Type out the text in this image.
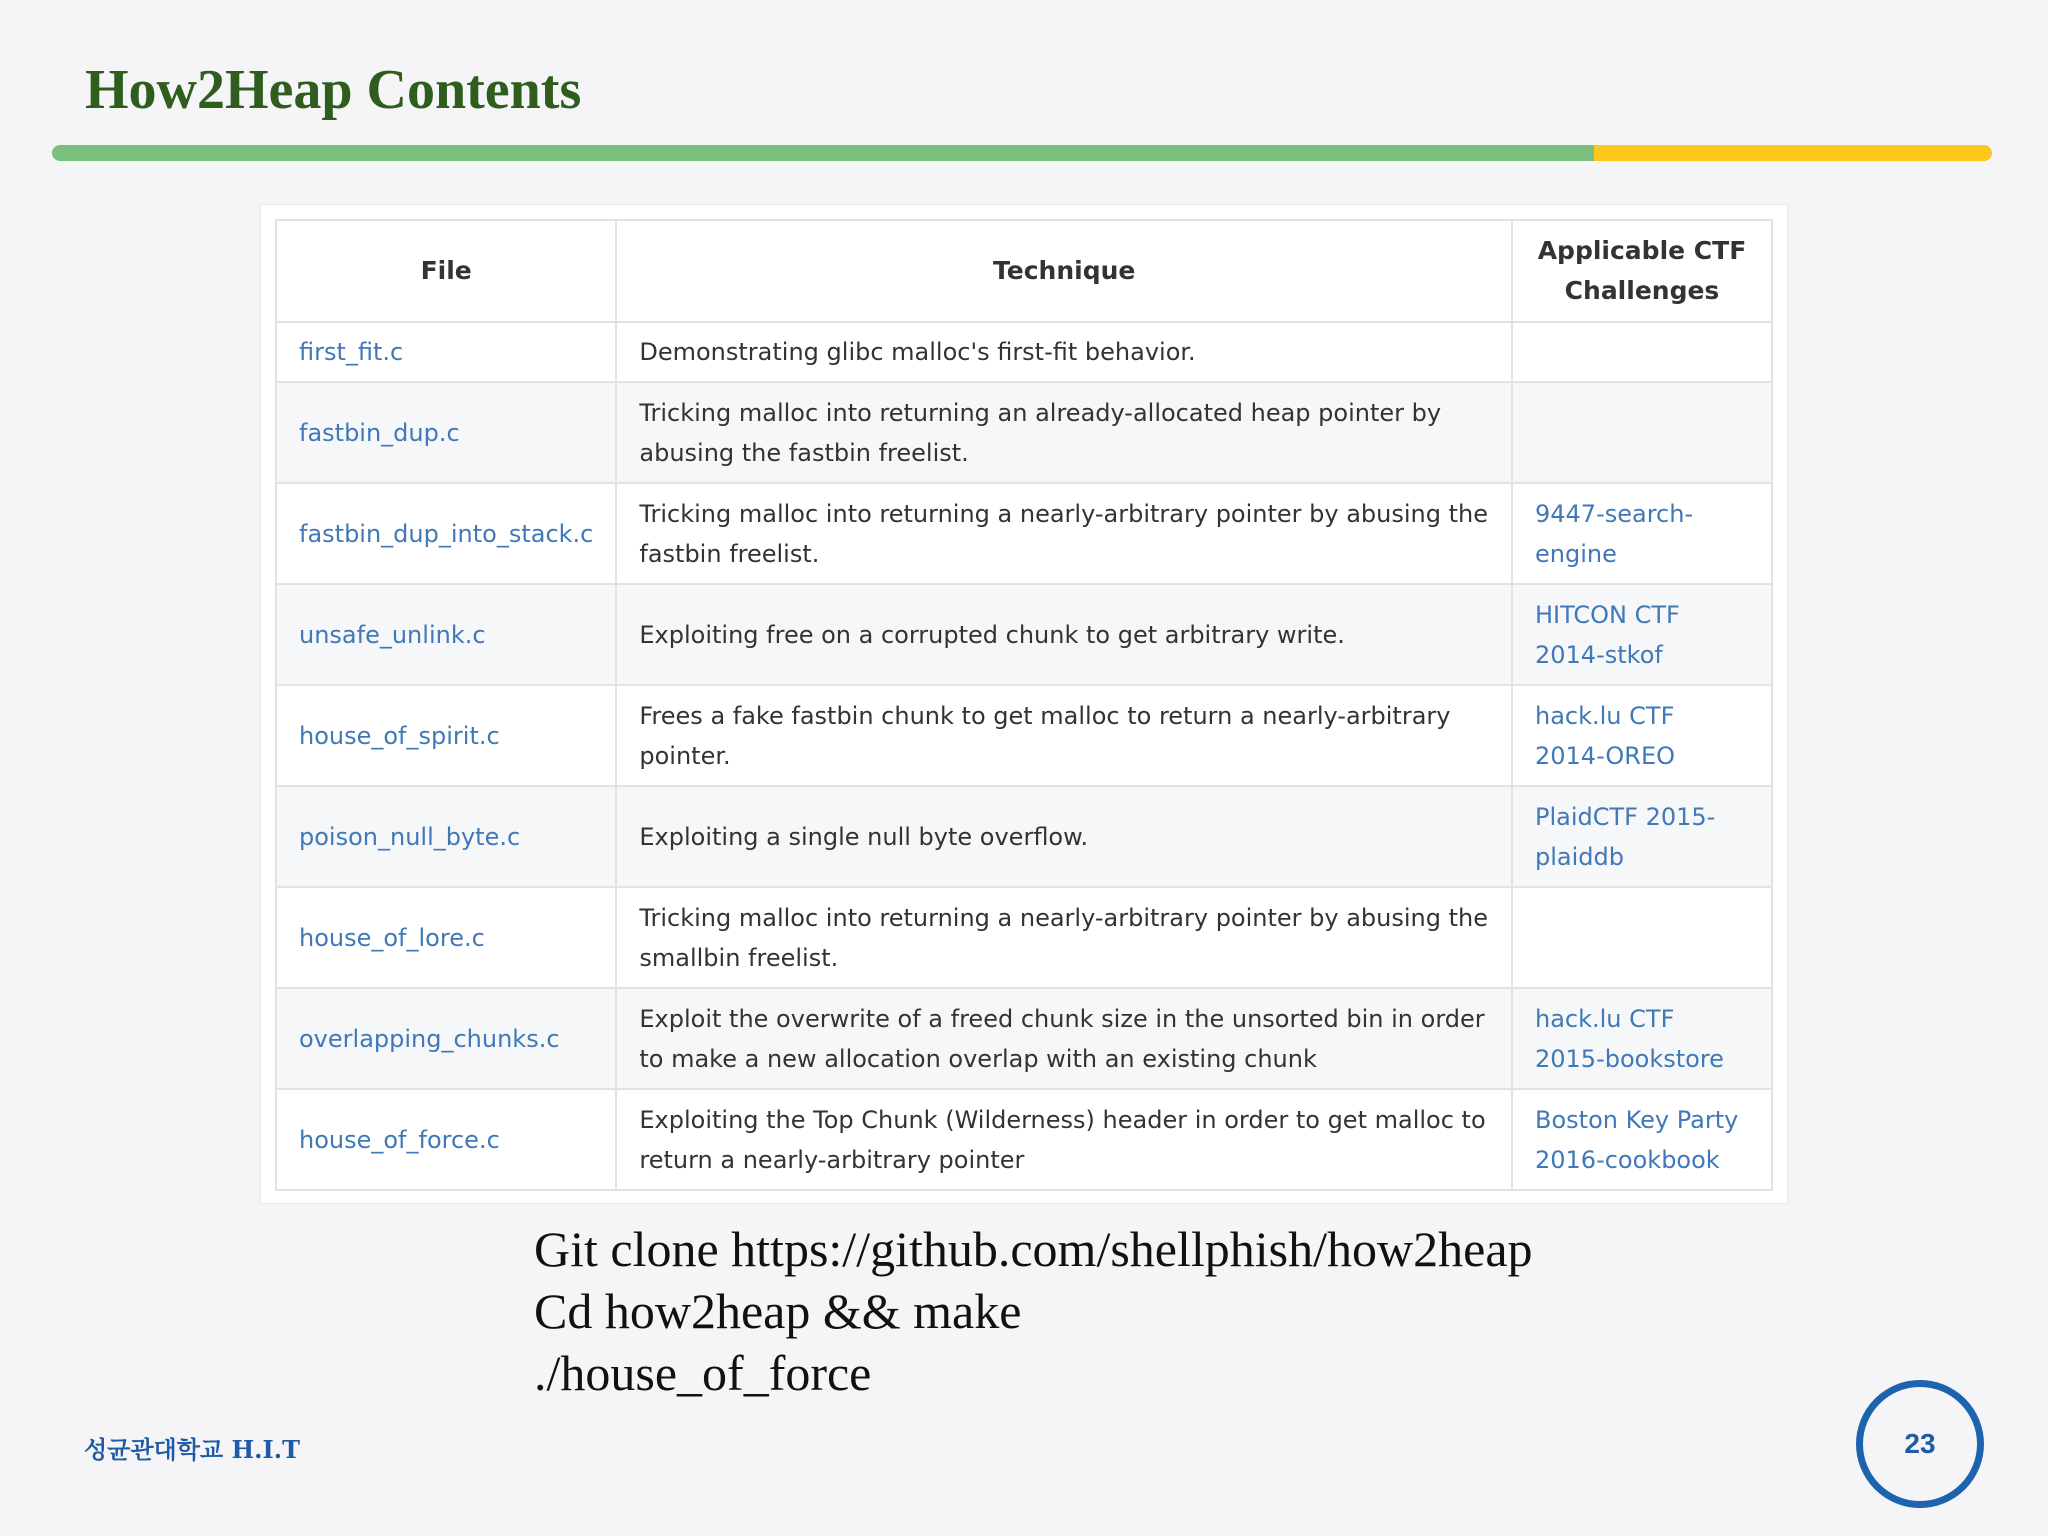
How2Heap Contents
File	Technique	Applicable CTF Challenges
first_fit.c	Demonstrating glibc malloc's first-fit behavior.	
fastbin_dup.c	Tricking malloc into returning an already-allocated heap pointer by abusing the fastbin freelist.	
fastbin_dup_into_stack.c	Tricking malloc into returning a nearly-arbitrary pointer by abusing the fastbin freelist.	9447-search-engine
unsafe_unlink.c	Exploiting free on a corrupted chunk to get arbitrary write.	HITCON CTF 2014-stkof
house_of_spirit.c	Frees a fake fastbin chunk to get malloc to return a nearly-arbitrary pointer.	hack.lu CTF 2014-OREO
poison_null_byte.c	Exploiting a single null byte overflow.	PlaidCTF 2015-plaiddb
house_of_lore.c	Tricking malloc into returning a nearly-arbitrary pointer by abusing the smallbin freelist.	
overlapping_chunks.c	Exploit the overwrite of a freed chunk size in the unsorted bin in order to make a new allocation overlap with an existing chunk	hack.lu CTF 2015-bookstore
house_of_force.c	Exploiting the Top Chunk (Wilderness) header in order to get malloc to return a nearly-arbitrary pointer	Boston Key Party 2016-cookbook
Git clone https://github.com/shellphish/how2heap
Cd how2heap && make
./house_of_force
성균관대학교 H.I.T	23
